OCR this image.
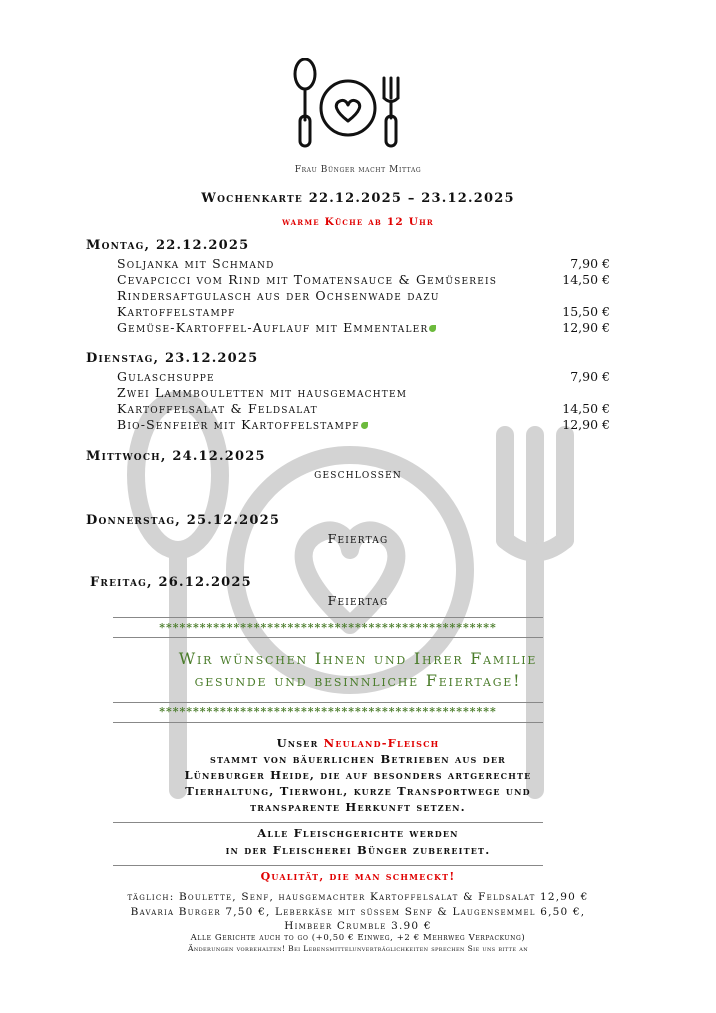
Frau Bünger macht Mittag
Wochenkarte 22.12.2025 – 23.12.2025
warme Küche ab 12 Uhr
Montag, 22.12.2025
Soljanka mit Schmand	7,90 €
Cevapcicci vom Rind mit Tomatensauce & Gemüsereis	14,50 €
Rindersaftgulasch aus der Ochsenwade dazu
Kartoffelstampf	15,50 €
Gemüse-Kartoffel-Auflauf mit Emmentaler	12,90 €
Dienstag, 23.12.2025
Gulaschsuppe	7,90 €
Zwei Lammbouletten mit hausgemachtem
Kartoffelsalat & Feldsalat	14,50 €
Bio-Senfeier mit Kartoffelstampf	12,90 €
Mittwoch, 24.12.2025
geschlossen
Donnerstag, 25.12.2025
Feiertag
Freitag, 26.12.2025
Feiertag
**************************************************
Wir wünschen Ihnen und Ihrer Familie
gesunde und besinnliche Feiertage!
**************************************************
Unser Neuland-Fleisch
stammt von bäuerlichen Betrieben aus der
Lüneburger Heide, die auf besonders artgerechte
Tierhaltung, Tierwohl, kurze Transportwege und
transparente Herkunft setzen.
Alle Fleischgerichte werden
in der Fleischerei Bünger zubereitet.
Qualität, die man schmeckt!
täglich: Boulette, Senf, hausgemachter Kartoffelsalat & Feldsalat 12,90 €
Bavaria Burger 7,50 €, Leberkäse mit süssem Senf & Laugensemmel 6,50 €,
Himbeer Crumble 3.90 €
Alle Gerichte auch to go (+0,50 € Einweg, +2 € Mehrweg Verpackung)
Änderungen vorbehalten! Bei Lebensmittelunverträglichkeiten sprechen Sie uns bitte an
